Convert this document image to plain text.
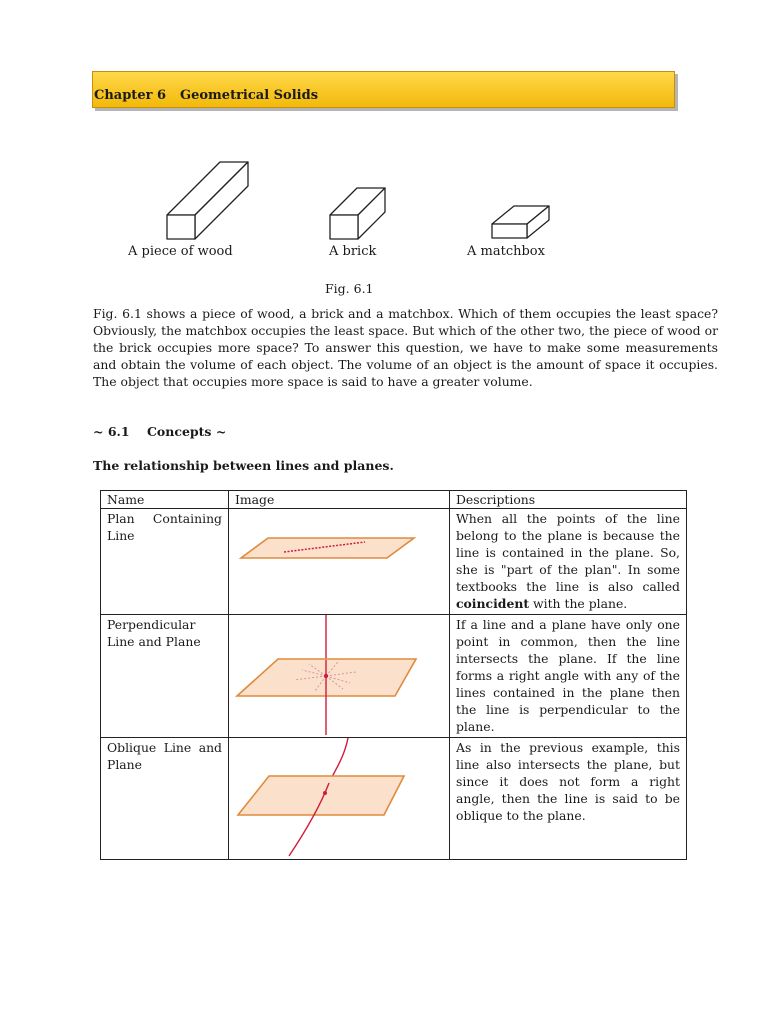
Chapter 6 Geometrical Solids
A piece of wood	A brick	A matchbox
Fig. 6.1

Fig. 6.1 shows a piece of wood, a brick and a matchbox. Which of them occupies the least space? Obviously, the matchbox occupies the least space. But which of the other two, the piece of wood or the brick occupies more space? To answer this question, we have to make some measurements and obtain the volume of each object. The volume of an object is the amount of space it occupies. The object that occupies more space is said to have a greater volume.

~ 6.1    Concepts ~

The relationship between lines and planes.

Name	Image	Descriptions
Plan Containing Line		When all the points of the line belong to the plane is because the line is contained in the plane. So, she is "part of the plan". In some textbooks the line is also called coincident with the plane.
Perpendicular Line and Plane		If a line and a plane have only one point in common, then the line intersects the plane. If the line forms a right angle with any of the lines contained in the plane then the line is perpendicular to the plane.
Oblique Line and Plane		As in the previous example, this line also intersects the plane, but since it does not form a right angle, then the line is said to be oblique to the plane.
